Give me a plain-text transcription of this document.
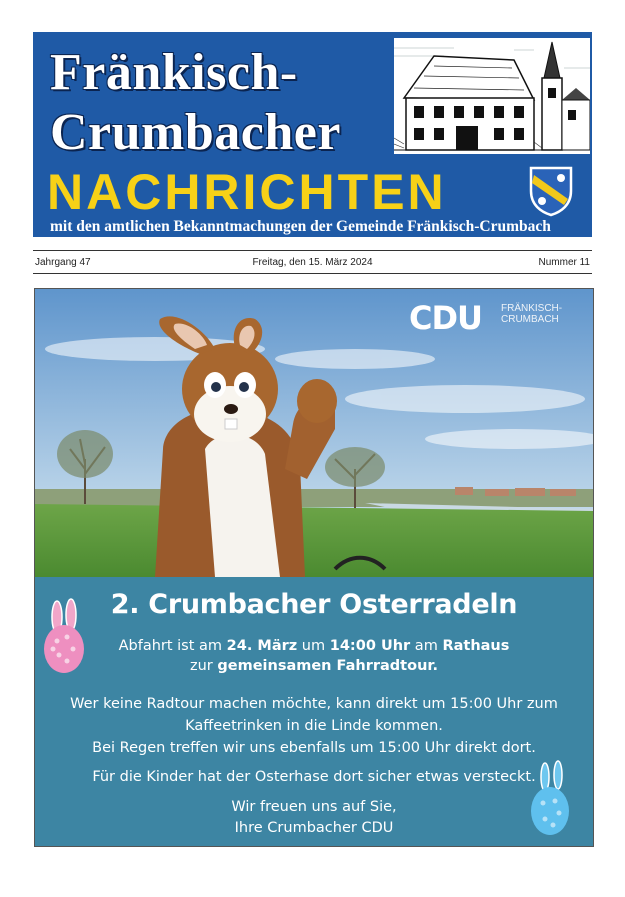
Fränkisch-
Crumbacher
NACHRICHTEN
mit den amtlichen Bekanntmachungen der Gemeinde Fränkisch-Crumbach
Jahrgang 47	Freitag, den 15. März 2024	Nummer 11
CDU FRÄNKISCH-
CRUMBACH
2. Crumbacher Osterradeln
Abfahrt ist am 24. März um 14:00 Uhr am Rathaus
zur gemeinsamen Fahrradtour.
Wer keine Radtour machen möchte, kann direkt um 15:00 Uhr zum
Kaffeetrinken in die Linde kommen.
Bei Regen treffen wir uns ebenfalls um 15:00 Uhr direkt dort.
Für die Kinder hat der Osterhase dort sicher etwas versteckt.
Wir freuen uns auf Sie,
Ihre Crumbacher CDU
